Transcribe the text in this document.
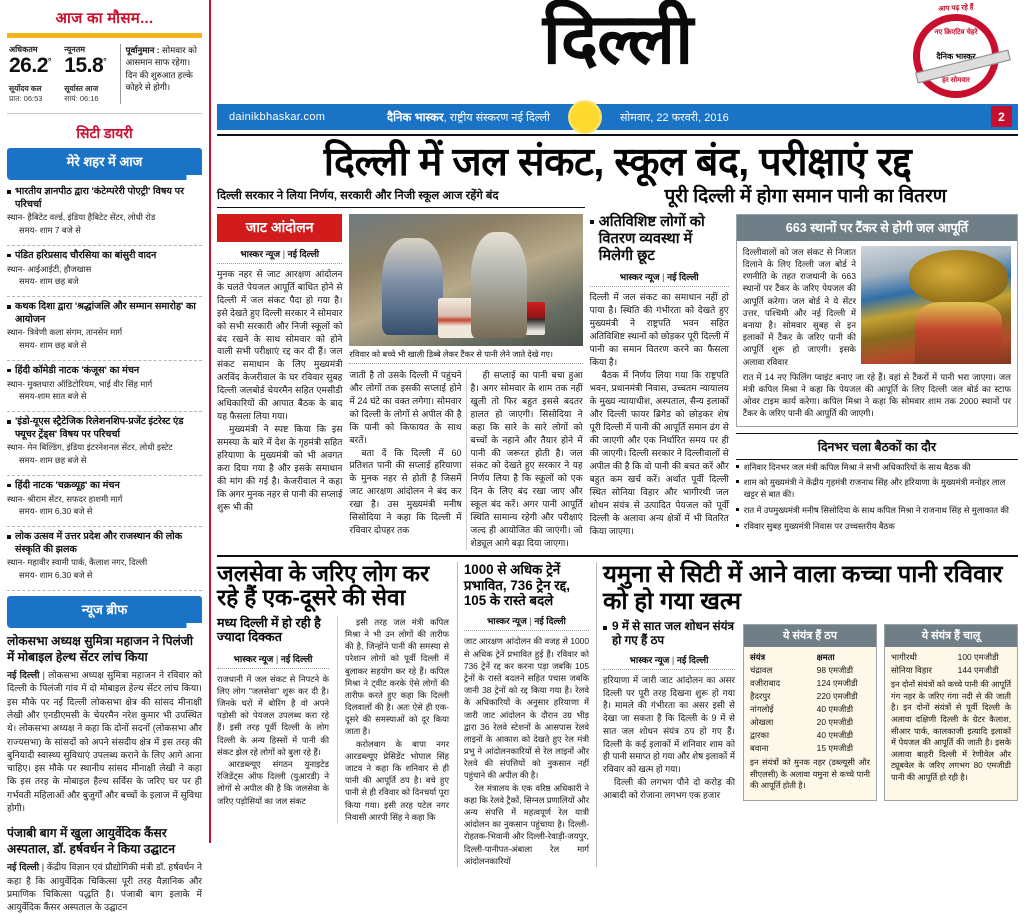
आज का मौसम...
अधिकतम
26.2°
सूर्योदय कल
प्रात: 06:53
न्यूनतम
15.8°
सूर्यास्त आज
सायं: 06:16
पूर्वानुमान : सोमवार को आसमान साफ रहेगा। दिन की शुरुआत हल्के कोहरे से होगी।
सिटी डायरी
मेरे शहर में आज
भारतीय ज्ञानपीठ द्वारा 'कंटेम्परेरी पोएट्री' विषय पर परिचर्चा
स्थान- हैबिटेट वर्ल्ड, इंडिया हैबिटेट सेंटर, लोधी रोड
समय- शाम 7 बजे से
पंडित हरिप्रसाद चौरसिया का बांसुरी वादन
स्थान- आईआईटी, हौजखास
समय- शाम छह बजे
कथक दिशा द्वारा 'श्रद्धांजलि और सम्मान समारोह' का आयोजन
स्थान- त्रिवेणी कला संगम, तानसेन मार्ग
समय- शाम छह बजे से
हिंदी कॉमेडी नाटक 'कंजूस' का मंचन
स्थान- मुक्तधारा ऑडिटोरियम, भाई वीर सिंह मार्ग
समय-शाम सात बजे से
'इंडो-यूएस स्ट्रैटेजिक रिलेशनशिप-प्रजेंट इंटरेस्ट एंड फ्यूचर ट्रेंड्स' विषय पर परिचर्चा
स्थान- मेन बिल्डिंग, इंडिया इंटरनेशनल सेंटर, लोधी इस्टेट
समय- शाम छह बजे से
हिंदी नाटक 'चक्रव्यूह' का मंचन
स्थान- श्रीराम सेंटर, सफदर हाशमी मार्ग
समय- शाम 6.30 बजे से
लोक उत्सव में उत्तर प्रदेश और राजस्थान की लोक संस्कृति की झलक
स्थान- महावीर स्वामी पार्क, कैलाश नगर, दिल्ली
समय- शाम 6.30 बजे से
न्यूज ब्रीफ
लोकसभा अध्यक्ष सुमित्रा महाजन ने पिलंजी में मोबाइल हेल्थ सेंटर लांच किया
नई दिल्ली | लोकसभा अध्यक्ष सुमित्रा महाजन ने रविवार को दिल्ली के पिलंजी गांव में दो मोबाइल हेल्थ सेंटर लांच किया। इस मौके पर नई दिल्ली लोकसभा क्षेत्र की सांसद मीनाक्षी लेखी और एनडीएमसी के चेयरमैन नरेश कुमार भी उपस्थित थे। लोकसभा अध्यक्ष ने कहा कि दोनों सदनों (लोकसभा और राज्यसभा) के सांसदों को अपने संसदीय क्षेत्र में इस तरह की बुनियादी स्वास्थ्य सुविधाएं उपलब्ध कराने के लिए आगे आना चाहिए। इस मौके पर स्थानीय सांसद मीनाक्षी लेखी ने कहा कि इस तरह के मोबाइल हैल्थ सर्विस के जरिए घर पर ही गर्भवती महिलाओं और बुजुर्गों और बच्चों के इलाज में सुविधा होगी।
पंजाबी बाग में खुला आयुर्वेदिक कैंसर अस्पताल, डॉ. हर्षवर्धन ने किया उद्घाटन
नई दिल्ली | केंद्रीय विज्ञान एवं प्रौद्योगिकी मंत्री डॉ. हर्षवर्धन ने कहा है कि आयुर्वेदिक चिकित्सा पूरी तरह वैज्ञानिक और प्रमाणिक चिकित्सा पद्धति है। पंजाबी बाग इलाके में आयुर्वेदिक कैंसर अस्पताल के उद्घाटन
दिल्ली	आप पढ़ रहे हैं
नए क्रिएटिव चेहरे
दैनिक भास्कर
हर सोमवार
dainikbhaskar.com	दैनिक भास्कर, राष्ट्रीय संस्करण नई दिल्ली	सोमवार, 22 फरवरी, 2016	2
दिल्ली में जल संकट, स्कूल बंद, परीक्षाएं रद्द
दिल्ली सरकार ने लिया निर्णय, सरकारी और निजी स्कूल आज रहेंगे बंद	पूरी दिल्ली में होगा समान पानी का वितरण
जाट आंदोलन
भास्कर न्यूज | नई दिल्ली
मुनक नहर से जाट आरक्षण आंदोलन के चलते पेयजल आपूर्ति बाधित होने से दिल्ली में जल संकट पैदा हो गया है। इसे देखते हुए दिल्ली सरकार ने सोमवार को सभी सरकारी और निजी स्कूलों को बंद रखने के साथ सोमवार को होने वाली सभी परीक्षाएं रद्द कर दी हैं। जल संकट समाधान के लिए मुख्यमंत्री अरविंद केजरीवाल के घर रविवार सुबह दिल्ली जलबोर्ड चेयरमैन सहित एमसीडी अधिकारियों की आपात बैठक के बाद यह फैसला लिया गया।
मुख्यमंत्री ने स्पष्ट किया कि इस समस्या के बारे में देश के गृहमंत्री सहित हरियाणा के मुख्यमंत्री को भी अवगत करा दिया गया है और इसके समाधान की मांग की गई है। केजरीवाल ने कहा कि अगर मुनक नहर से पानी की सप्लाई शुरू भी की
रविवार को बच्चे भी खाली डिब्बे लेकर टैंकर से पानी लेने जाते देखे गए।
जाती है तो उसके दिल्ली में पहुंचने और लोगों तक इसकी सप्लाई होने में 24 घंटे का वक्त लगेगा। सोमवार को दिल्ली के लोगों से अपील की है कि पानी को किफायत के साथ बरतें।
बता दें कि दिल्ली में 60 प्रतिशत पानी की सप्लाई हरियाणा के मुनक नहर से होती है जिसमें जाट आरक्षण आंदोलन ने बंद कर रखा है। उस मुख्यमंत्री मनीष सिसोदिया ने कहा कि दिल्ली में रविवार दोपहर तक
ही सप्लाई का पानी बचा हुआ है। अगर सोमवार के शाम तक नहीं खुली तो फिर बहुत इससे बदतर हालत हो जाएगी। सिसोदिया ने कहा कि सारे के सारे लोगों को बच्चों के नहाने और तैयार होने में पानी की जरूरत होती है। जल संकट को देखते हुए सरकार ने यह निर्णय लिया है कि स्कूलों को एक दिन के लिए बंद रखा जाए और स्कूल बंद करें। अगर पानी आपूर्ति स्थिति सामान्य रहेगी और परीक्षाएं जल्द ही आयोजित की जाएंगी। जो शेड्यूल आगे बढ़ा दिया जाएगा।
अतिविशिष्ट लोगों को वितरण व्यवस्था में मिलेगी छूट
भास्कर न्यूज | नई दिल्ली
दिल्ली में जल संकट का समाधान नहीं हो पाया है। स्थिति की गंभीरता को देखते हुए मुख्यमंत्री ने राष्ट्रपति भवन सहित अतिविशिष्ट स्थानों को छोड़कर पूरी दिल्ली में पानी का समान वितरण करने का फैसला किया है।
बैठक में निर्णय लिया गया कि राष्ट्रपति भवन, प्रधानमंत्री निवास, उच्चतम न्यायालय के मुख्य न्यायाधीश, अस्पताल, सैन्य इलाकों और दिल्ली फायर ब्रिगेड को छोड़कर शेष पूरी दिल्ली में पानी की आपूर्ति समान ढंग से की जाएगी और एक निर्धारित समय पर ही की जाएगी। दिल्ली सरकार ने दिल्लीवालों से अपील की है कि वो पानी की बचत करें और बहुत कम खर्च करें। अर्थात पूर्वी दिल्ली स्थित सोनिया विहार और भागीरथी जल शोधन संयंत्र से उत्पादित पेयजल को पूर्वी दिल्ली के अलावा अन्य क्षेत्रों में भी वितरित किया जाएगा।
663 स्थानों पर टैंकर से होगी जल आपूर्ति
दिल्लीवालों को जल संकट से निजात दिलाने के लिए दिल्ली जल बोर्ड ने रणनीति के तहत राजधानी के 663 स्थानों पर टैंकर के जरिए पेयजल की आपूर्ति करेगा। जल बोर्ड ने ये सेंटर उत्तर, पश्चिमी और नई दिल्ली में बनाया है। सोमवार सुबह से इन इलाकों में टैंकर के जरिए पानी की आपूर्ति शुरू हो जाएगी। इसके अलावा रविवार
रात में 14 नए फिलिंग प्वाइंट बनाए जा रहे हैं। वहां से टैंकरों में पानी भरा जाएगा। जल मंत्री कपिल मिश्रा ने कहा कि पेयजल की आपूर्ति के लिए दिल्ली जल बोर्ड का स्टाफ ओवर टाइम कार्य करेगा। कपिल मिश्रा ने कहा कि सोमवार शाम तक 2000 स्थानों पर टैंकर के जरिए पानी की आपूर्ति की जाएगी।
दिनभर चला बैठकों का दौर
शनिवार दिनभर जल मंत्री कपिल मिश्रा ने सभी अधिकारियों के साथ बैठक की
शाम को मुख्यमंत्री ने केंद्रीय गृहमंत्री राजनाथ सिंह और हरियाणा के मुख्यमंत्री मनोहर लाल खट्टर से बात की।
रात में उपमुख्यमंत्री मनीष सिसोदिया के साथ कपिल मिश्रा ने राजनाथ सिंह से मुलाकात की
रविवार सुबह मुख्यमंत्री निवास पर उच्चस्तरीय बैठक
जलसेवा के जरिए लोग कर रहे हैं एक-दूसरे की सेवा
मध्य दिल्ली में हो रही है ज्यादा दिक्कत
भास्कर न्यूज | नई दिल्ली
राजधानी में जल संकट से निपटने के लिए लोग "जलसेवा" शुरू कर दी है। जिनके घरों में बोरिंग है वो अपने पड़ोसी को पेयजल उपलब्ध करा रहे हैं। इसी तरह पूर्वी दिल्ली के लोग दिल्ली के अन्य हिस्सों में पानी की संकट झेल रहे लोगों को बुला रहे हैं।
आरडब्ल्यूए संगठन युनाइटेड रेजिडेंट्स ऑफ दिल्ली (युआरडी) ने लोगों से अपील की है कि जलसेवा के जरिए पड़ोसियों का जल संकट
इसी तरह जल मंत्री कपिल मिश्रा ने भी उन लोगों की तारीफ की है, जिन्होंने पानी की समस्या से परेशान लोगों को पूर्वी दिल्ली में बुलाकर सहयोग कर रहे हैं। कपिल मिश्रा ने ट्वीट करके ऐसे लोगों की तारीफ करते हुए कहा कि दिल्ली दिलवालों की है। अतः ऐसे ही एक-दूसरे की समस्याओं को दूर किया जाता है।
करोलबाग के बापा नगर आरडब्ल्यूए प्रेसिडेंट भोपाल सिंह जाटव ने कहा कि शनिवार से ही पानी की आपूर्ति ठप है। बचे हुए पानी से ही रविवार को दिनचर्या पूरा किया गया। इसी तरह पटेल नगर निवासी आरपी सिंह ने कहा कि
1000 से अधिक ट्रेनें प्रभावित, 736 ट्रेन रद्द, 105 के रास्ते बदले
भास्कर न्यूज | नई दिल्ली
जाट आरक्षण आंदोलन की वजह से 1000 से अधिक ट्रेनें प्रभावित हुई हैं। रविवार को 736 ट्रेनें रद्द कर करना पड़ा जबकि 105 ट्रेनों के रास्ते बदलने सहित पचास जबकि जानी 38 ट्रेनों को रद्द किया गया है। रेलवे के अधिकारियों के अनुसार हरियाणा में जारी जाट आंदोलन के दौरान उग्र भीड़ द्वारा 36 रेलवे स्टेशनों के आसपास रेलवे लाइनों के आकाश को देखते हुए रेल मंत्री प्रभु ने आंदोलनकारियों से रेल लाइनों और रेलवे की संपत्तियों को नुकसान नहीं पहुंचाने की अपील की है।
रेल मंत्रालय के एक वरिष्ठ अधिकारी ने कहा कि रेलवे ट्रैकों, सिग्नल प्रणालियों और अन्य संपत्ति में महत्वपूर्ण रेल यात्री आंदोलन का नुकसान पहुंचाया है। दिल्ली-रोहतक-भिवानी और दिल्ली-रेवाड़ी-जयपुर, दिल्ली-पानीपत-अंबाला रेल मार्ग आंदोलनकारियों
यमुना से सिटी में आने वाला कच्चा पानी रविवार को हो गया खत्म
9 में से सात जल शोधन संयंत्र हो गए हैं ठप
भास्कर न्यूज | नई दिल्ली
हरियाणा में जारी जाट आंदोलन का असर दिल्ली पर पूरी तरह दिखना शुरू हो गया है। मामले की गंभीरता का असर इसी से देखा जा सकता है कि दिल्ली के 9 में से सात जल शोधन संयंत्र ठप हो गए हैं। दिल्ली के कई इलाकों में शनिवार शाम को ही पानी समाप्त हो गया और शेष इलाकों में रविवार को खत्म हो गया।
दिल्ली की लगभग पौने दो करोड़ की आबादी को रोजाना लगभग एक हजार
ये संयंत्र हैं ठप
संयंत्र	क्षमता
चंद्रावल	98 एमजीडी
वजीराबाद	124 एमजीडी
हैदरपुर	220 एमजीडी
नांगलोई	40 एमजीडी
ओखला	20 एमजीडी
द्वारका	40 एमजीडी
बवाना	15 एमजीडी
इन संयंत्रों को मुनक नहर (डब्ल्यूसी और सीएलसी) के अलावा यमुना से कच्चे पानी की आपूर्ति होती है।
ये संयंत्र हैं चालू
भागीरथी	100 एमजीडी
सोनिया विहार	144 एमजीडी
इन दोनों संयंत्रों को कच्चे पानी की आपूर्ति गंग नहर के जरिए गंगा नदी से की जाती है। इन दोनों संयंत्रों से पूर्वी दिल्ली के अलावा दक्षिणी दिल्ली के ग्रेटर कैलाश, सीआर पार्क, कालकाजी इत्यादि इलाकों में पेयजल की आपूर्ति की जाती है। इसके अलावा बाहरी दिल्ली में रेणीवेल और ट्यूबवेल के जरिए लगभग 80 एमजीडी पानी की आपूर्ति हो रही है।
